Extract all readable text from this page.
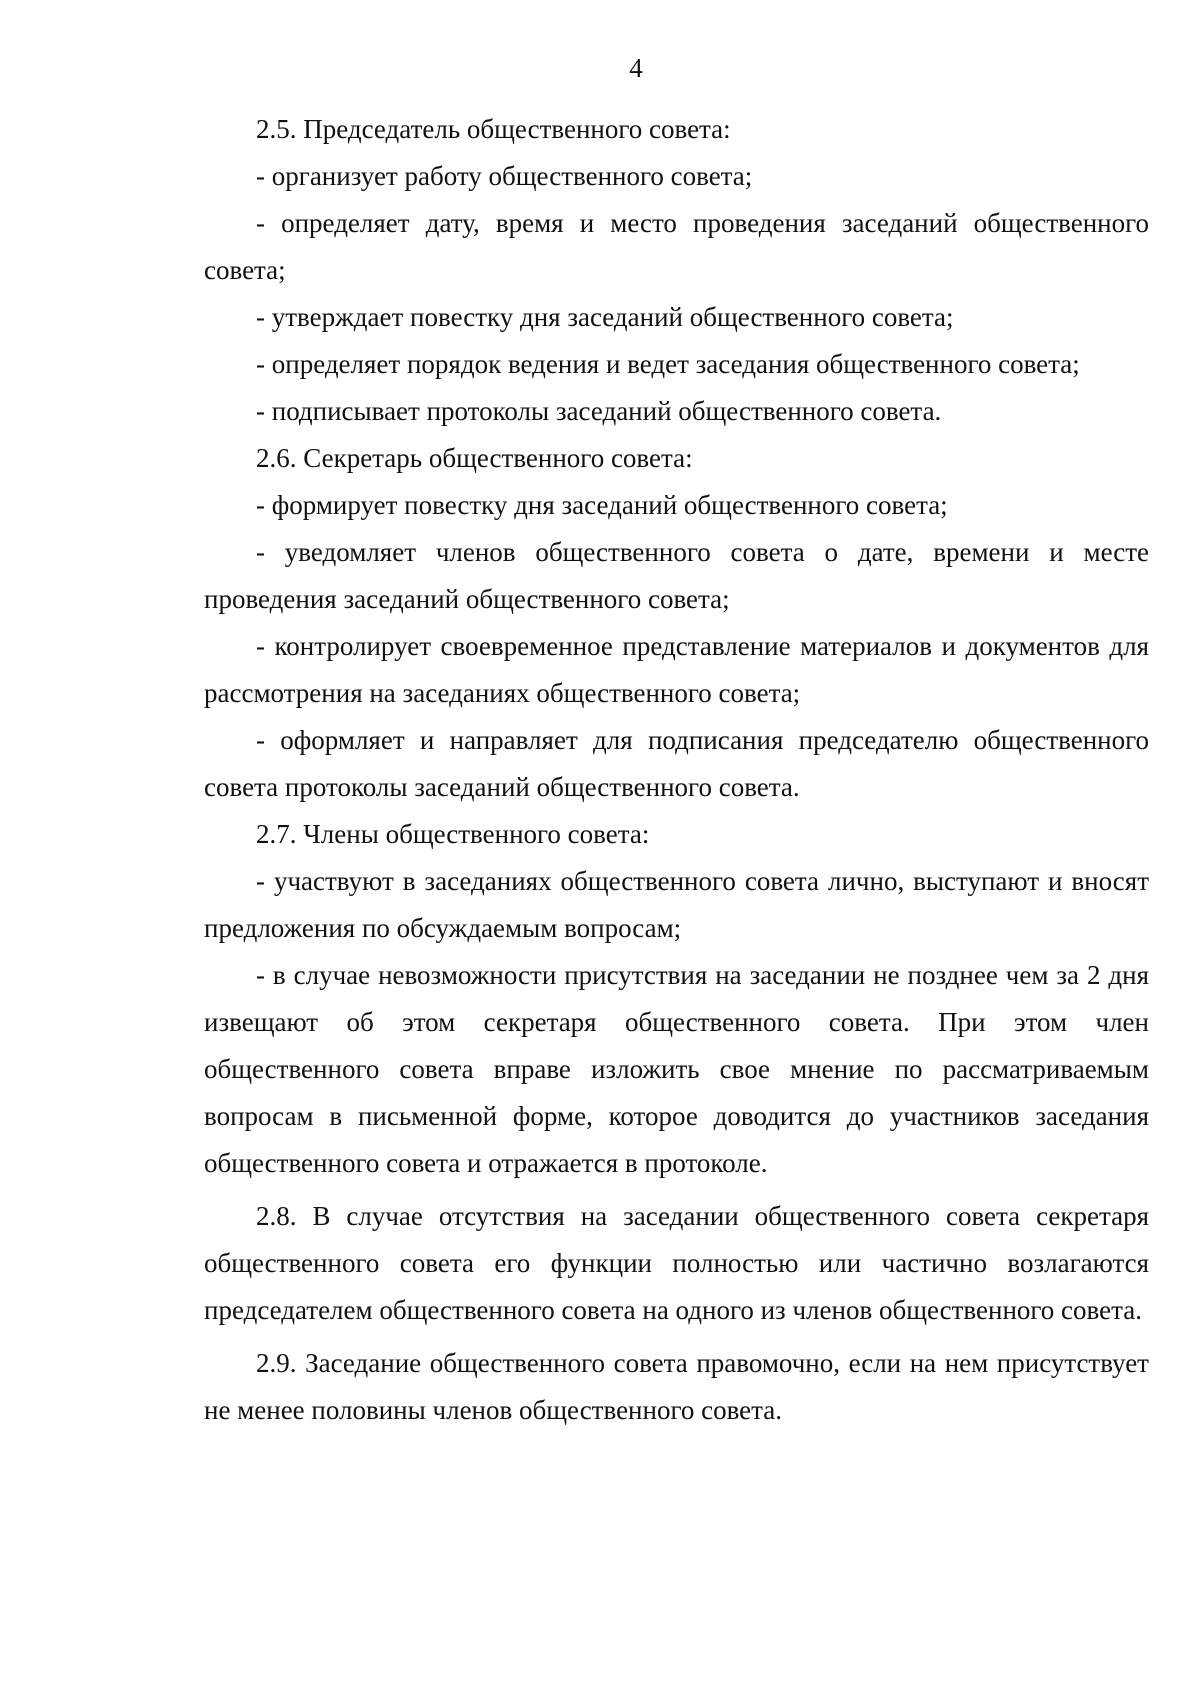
4

2.5. Председатель общественного совета:

- организует работу общественного совета;

- определяет дату, время и место проведения заседаний общественного совета;

- утверждает повестку дня заседаний общественного совета;

- определяет порядок ведения и ведет заседания общественного совета;

- подписывает протоколы заседаний общественного совета.

2.6. Секретарь общественного совета:

- формирует повестку дня заседаний общественного совета;

- уведомляет членов общественного совета о дате, времени и месте проведения заседаний общественного совета;

- контролирует своевременное представление материалов и документов для рассмотрения на заседаниях общественного совета;

- оформляет и направляет для подписания председателю общественного совета протоколы заседаний общественного совета.

2.7. Члены общественного совета:

- участвуют в заседаниях общественного совета лично, выступают и вносят предложения по обсуждаемым вопросам;

- в случае невозможности присутствия на заседании не позднее чем за 2 дня извещают об этом секретаря общественного совета. При этом член общественного совета вправе изложить свое мнение по рассматриваемым вопросам в письменной форме, которое доводится до участников заседания общественного совета и отражается в протоколе.

2.8. В случае отсутствия на заседании общественного совета секретаря общественного совета его функции полностью или частично возлагаются председателем общественного совета на одного из членов общественного совета.

2.9. Заседание общественного совета правомочно, если на нем присутствует не менее половины членов общественного совета.
